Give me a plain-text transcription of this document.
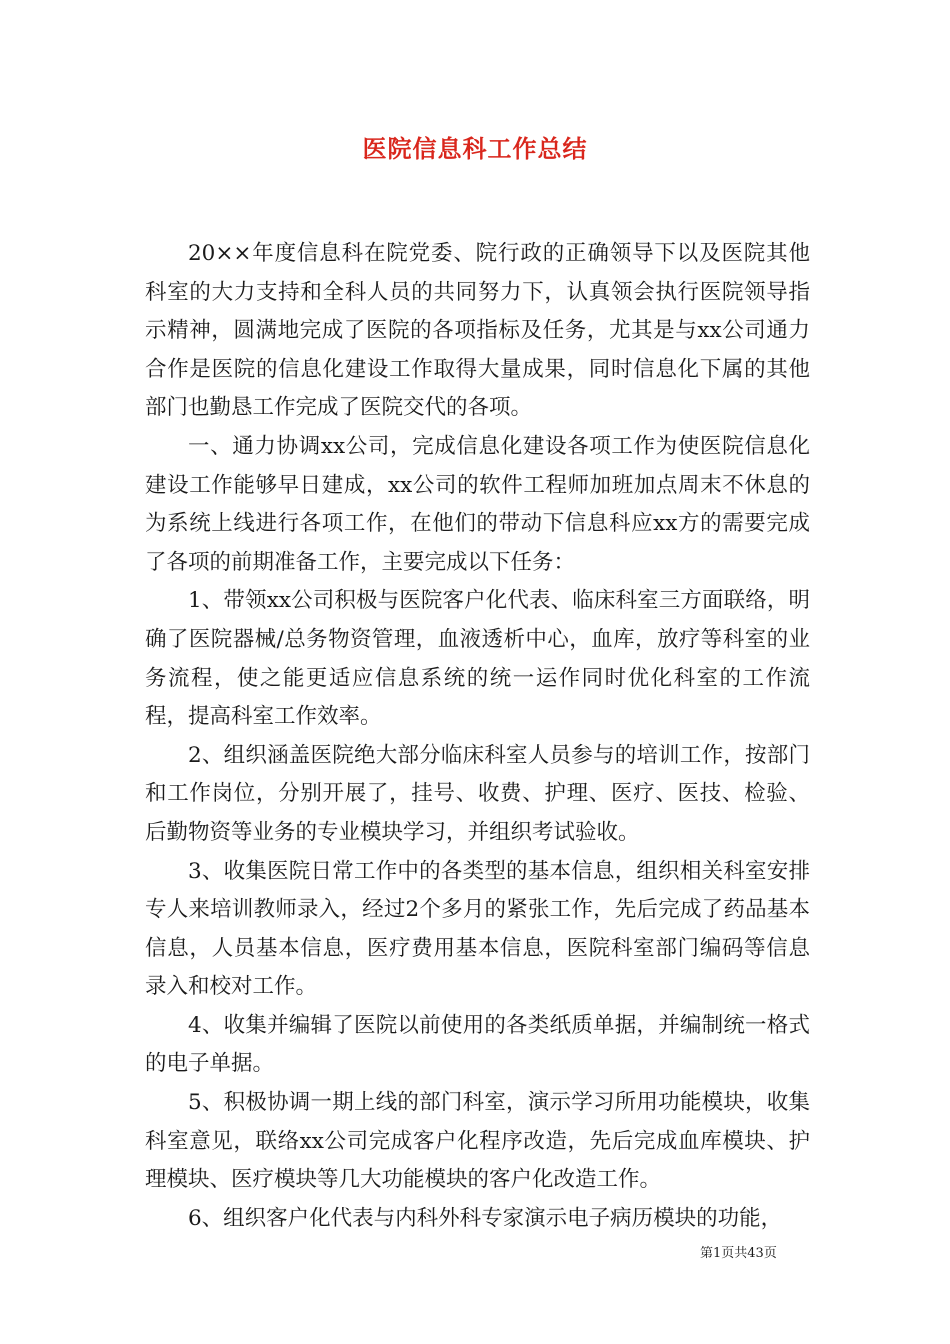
医院信息科工作总结

20××年度信息科在院党委、院行政的正确领导下以及医院其他科室的大力支持和全科人员的共同努力下，认真领会执行医院领导指示精神，圆满地完成了医院的各项指标及任务，尤其是与xx公司通力合作是医院的信息化建设工作取得大量成果，同时信息化下属的其他部门也勤恳工作完成了医院交代的各项。

一、通力协调xx公司，完成信息化建设各项工作为使医院信息化建设工作能够早日建成，xx公司的软件工程师加班加点周末不休息的为系统上线进行各项工作，在他们的带动下信息科应xx方的需要完成了各项的前期准备工作，主要完成以下任务：

1、带领xx公司积极与医院客户化代表、临床科室三方面联络，明确了医院器械/总务物资管理，血液透析中心，血库，放疗等科室的业务流程，使之能更适应信息系统的统一运作同时优化科室的工作流程，提高科室工作效率。

2、组织涵盖医院绝大部分临床科室人员参与的培训工作，按部门和工作岗位，分别开展了，挂号、收费、护理、医疗、医技、检验、后勤物资等业务的专业模块学习，并组织考试验收。

3、收集医院日常工作中的各类型的基本信息，组织相关科室安排专人来培训教师录入，经过2个多月的紧张工作，先后完成了药品基本信息，人员基本信息，医疗费用基本信息，医院科室部门编码等信息录入和校对工作。

4、收集并编辑了医院以前使用的各类纸质单据，并编制统一格式的电子单据。

5、积极协调一期上线的部门科室，演示学习所用功能模块，收集科室意见，联络xx公司完成客户化程序改造，先后完成血库模块、护理模块、医疗模块等几大功能模块的客户化改造工作。

6、组织客户化代表与内科外科专家演示电子病历模块的功能，

第1页共43页
